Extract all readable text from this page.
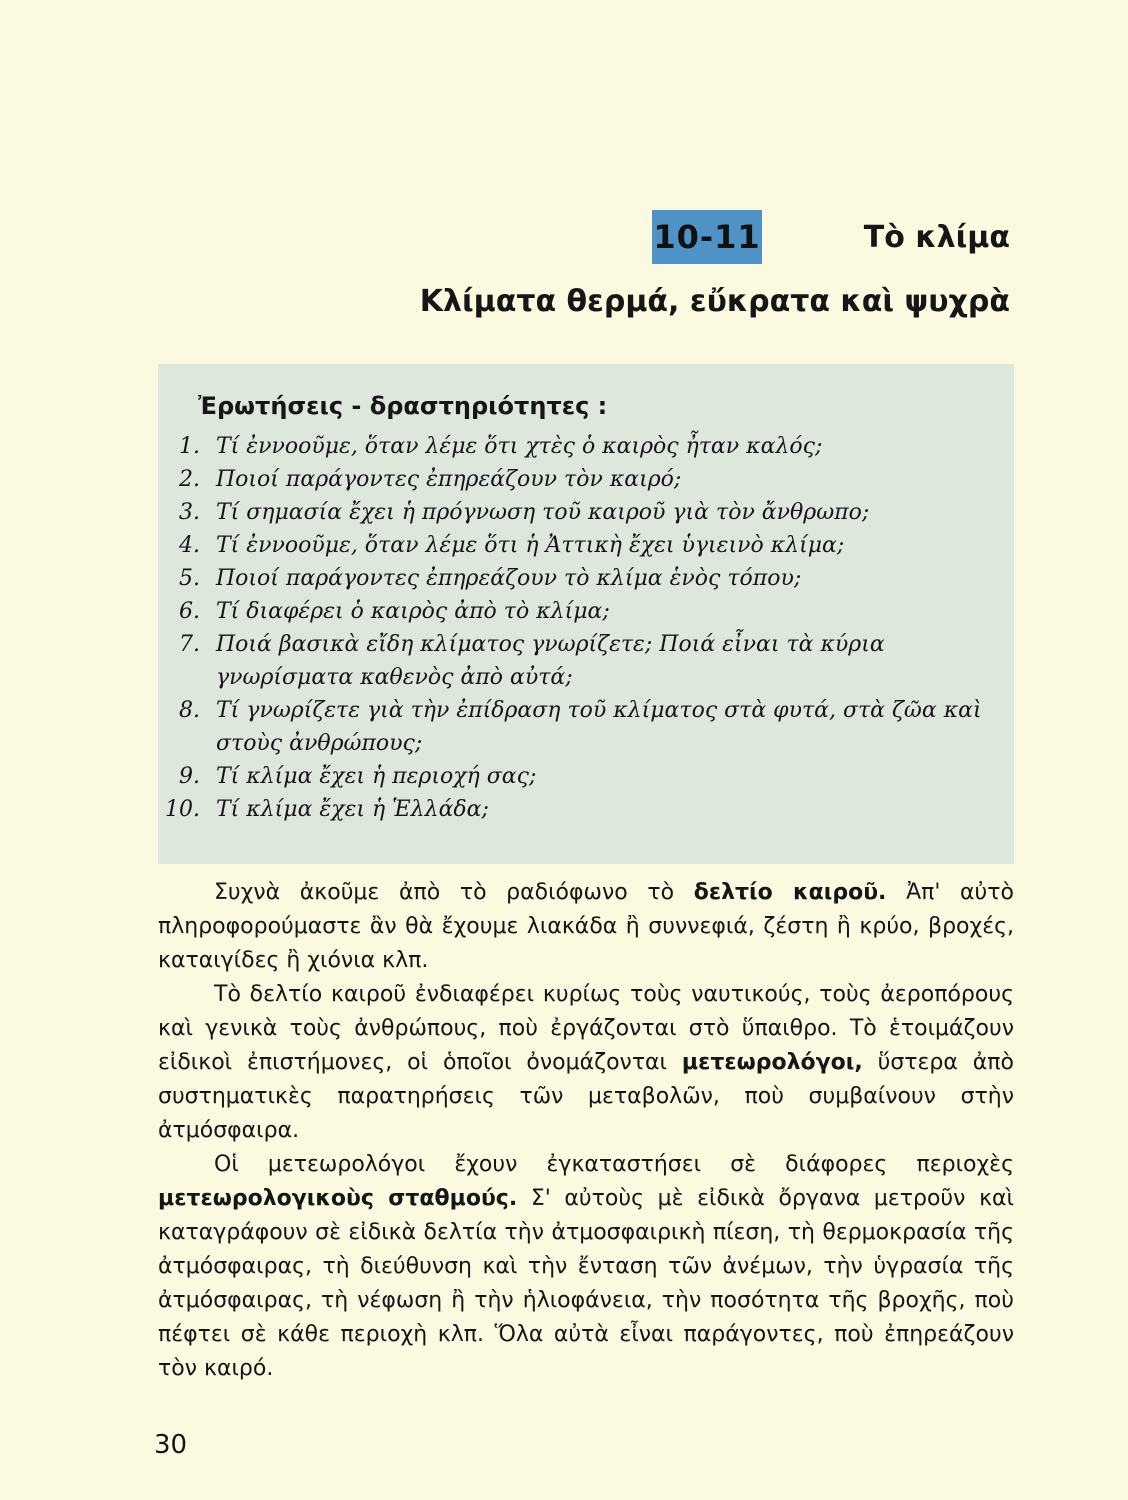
10-11	Τὸ κλίμα
Κλίματα θερμά, εὔκρατα καὶ ψυχρὰ
Ἐρωτήσεις - δραστηριότητες :
1. Τί ἐννοοῦμε, ὅταν λέμε ὅτι χτὲς ὁ καιρὸς ἦταν καλός;
2. Ποιοί παράγοντες ἐπηρεάζουν τὸν καιρό;
3. Τί σημασία ἔχει ἡ πρόγνωση τοῦ καιροῦ γιὰ τὸν ἄνθρωπο;
4. Τί ἐννοοῦμε, ὅταν λέμε ὅτι ἡ Ἀττικὴ ἔχει ὑγιεινὸ κλίμα;
5. Ποιοί παράγοντες ἐπηρεάζουν τὸ κλίμα ἑνὸς τόπου;
6. Τί διαφέρει ὁ καιρὸς ἀπὸ τὸ κλίμα;
7. Ποιά βασικὰ εἴδη κλίματος γνωρίζετε; Ποιά εἶναι τὰ κύρια γνωρίσματα καθενὸς ἀπὸ αὐτά;
8. Τί γνωρίζετε γιὰ τὴν ἐπίδραση τοῦ κλίματος στὰ φυτά, στὰ ζῶα καὶ στοὺς ἀνθρώπους;
9. Τί κλίμα ἔχει ἡ περιοχή σας;
10. Τί κλίμα ἔχει ἡ Ἑλλάδα;

Συχνὰ ἀκοῦμε ἀπὸ τὸ ραδιόφωνο τὸ δελτίο καιροῦ. Ἀπ' αὐτὸ πληροφορούμαστε ἂν θὰ ἔχουμε λιακάδα ἢ συννεφιά, ζέστη ἢ κρύο, βροχές, καταιγίδες ἢ χιόνια κλπ.

Τὸ δελτίο καιροῦ ἐνδιαφέρει κυρίως τοὺς ναυτικούς, τοὺς ἀεροπόρους καὶ γενικὰ τοὺς ἀνθρώπους, ποὺ ἐργάζονται στὸ ὕπαιθρο. Τὸ ἑτοιμάζουν εἰδικοὶ ἐπιστήμονες, οἱ ὁποῖοι ὀνομάζονται μετεωρολόγοι, ὕστερα ἀπὸ συστηματικὲς παρατηρήσεις τῶν μεταβολῶν, ποὺ συμβαίνουν στὴν ἀτμόσφαιρα.

Οἱ μετεωρολόγοι ἔχουν ἐγκαταστήσει σὲ διάφορες περιοχὲς μετεωρολογικοὺς σταθμούς. Σ' αὐτοὺς μὲ εἰδικὰ ὄργανα μετροῦν καὶ καταγράφουν σὲ εἰδικὰ δελτία τὴν ἀτμοσφαιρικὴ πίεση, τὴ θερμοκρασία τῆς ἀτμόσφαιρας, τὴ διεύθυνση καὶ τὴν ἔνταση τῶν ἀνέμων, τὴν ὑγρασία τῆς ἀτμόσφαιρας, τὴ νέφωση ἢ τὴν ἡλιοφάνεια, τὴν ποσότητα τῆς βροχῆς, ποὺ πέφτει σὲ κάθε περιοχὴ κλπ. Ὅλα αὐτὰ εἶναι παράγοντες, ποὺ ἐπηρεάζουν τὸν καιρό.

30
